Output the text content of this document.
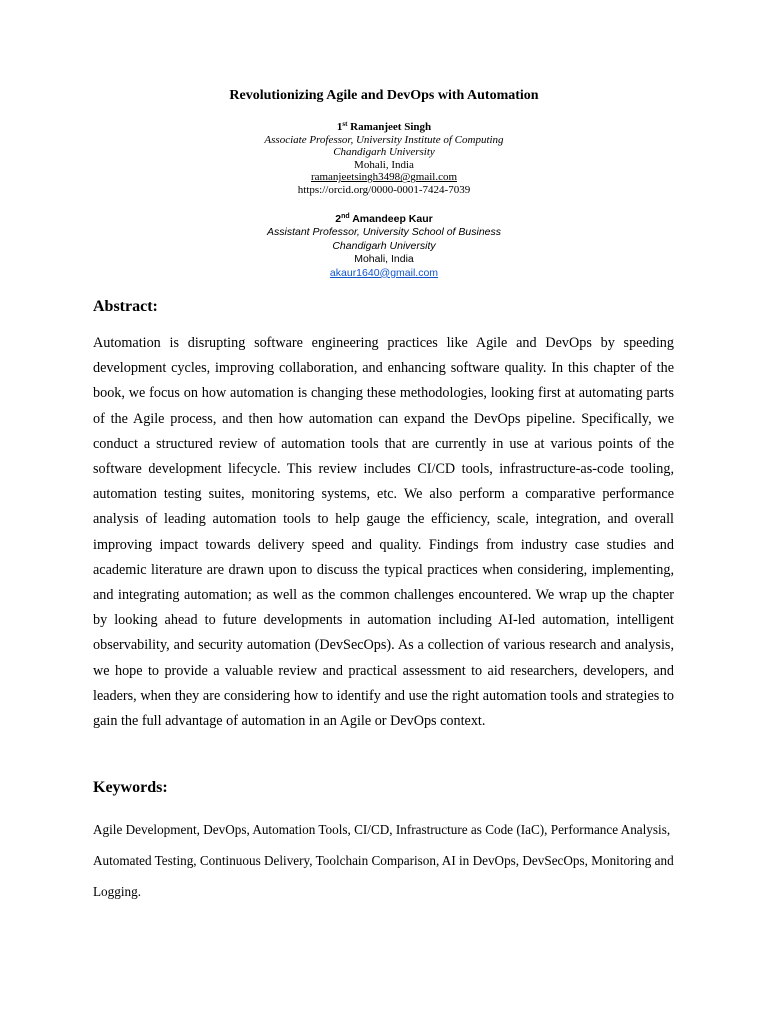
Revolutionizing Agile and DevOps with Automation
1st Ramanjeet Singh
Associate Professor, University Institute of Computing
Chandigarh University
Mohali, India
ramanjeetsingh3498@gmail.com
https://orcid.org/0000-0001-7424-7039
2nd Amandeep Kaur
Assistant Professor, University School of Business
Chandigarh University
Mohali, India
akaur1640@gmail.com
Abstract:

Automation is disrupting software engineering practices like Agile and DevOps by speeding development cycles, improving collaboration, and enhancing software quality. In this chapter of the book, we focus on how automation is changing these methodologies, looking first at automating parts of the Agile process, and then how automation can expand the DevOps pipeline. Specifically, we conduct a structured review of automation tools that are currently in use at various points of the software development lifecycle. This review includes CI/CD tools, infrastructure-as-code tooling, automation testing suites, monitoring systems, etc. We also perform a comparative performance analysis of leading automation tools to help gauge the efficiency, scale, integration, and overall improving impact towards delivery speed and quality. Findings from industry case studies and academic literature are drawn upon to discuss the typical practices when considering, implementing, and integrating automation; as well as the common challenges encountered. We wrap up the chapter by looking ahead to future developments in automation including AI-led automation, intelligent observability, and security automation (DevSecOps). As a collection of various research and analysis, we hope to provide a valuable review and practical assessment to aid researchers, developers, and leaders, when they are considering how to identify and use the right automation tools and strategies to gain the full advantage of automation in an Agile or DevOps context.

Keywords:

Agile Development, DevOps, Automation Tools, CI/CD, Infrastructure as Code (IaC), Performance Analysis, Automated Testing, Continuous Delivery, Toolchain Comparison, AI in DevOps, DevSecOps, Monitoring and Logging.
